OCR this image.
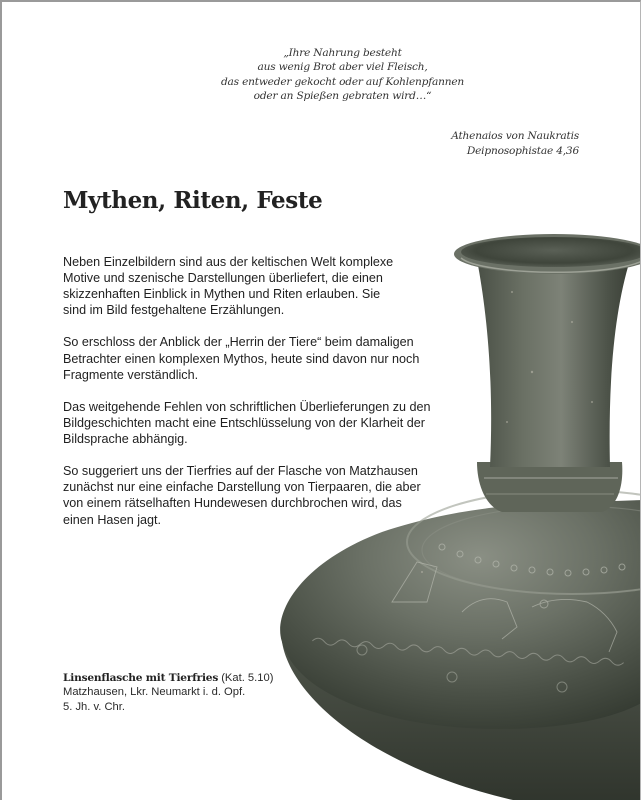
„Ihre Nahrung besteht
aus wenig Brot aber viel Fleisch,
das entweder gekocht oder auf Kohlenpfannen
oder an Spießen gebraten wird…“
Athenaios von Naukratis
Deipnosophistae 4,36
Mythen, Riten, Feste

Neben Einzelbildern sind aus der keltischen Welt komplexe
Motive und szenische Darstellungen überliefert, die einen
skizzenhaften Einblick in Mythen und Riten erlauben. Sie
sind im Bild festgehaltene Erzählungen.

So erschloss der Anblick der „Herrin der Tiere“ beim damaligen
Betrachter einen komplexen Mythos, heute sind davon nur noch
Fragmente verständlich.

Das weitgehende Fehlen von schriftlichen Überlieferungen zu den
Bildgeschichten macht eine Entschlüsselung von der Klarheit der
Bildsprache abhängig.

So suggeriert uns der Tierfries auf der Flasche von Matzhausen
zunächst nur eine einfache Darstellung von Tierpaaren, die aber
von einem rätselhaften Hundewesen durchbrochen wird, das
einen Hasen jagt.

Linsenflasche mit Tierfries (Kat. 5.10)
Matzhausen, Lkr. Neumarkt i. d. Opf.
5. Jh. v. Chr.
